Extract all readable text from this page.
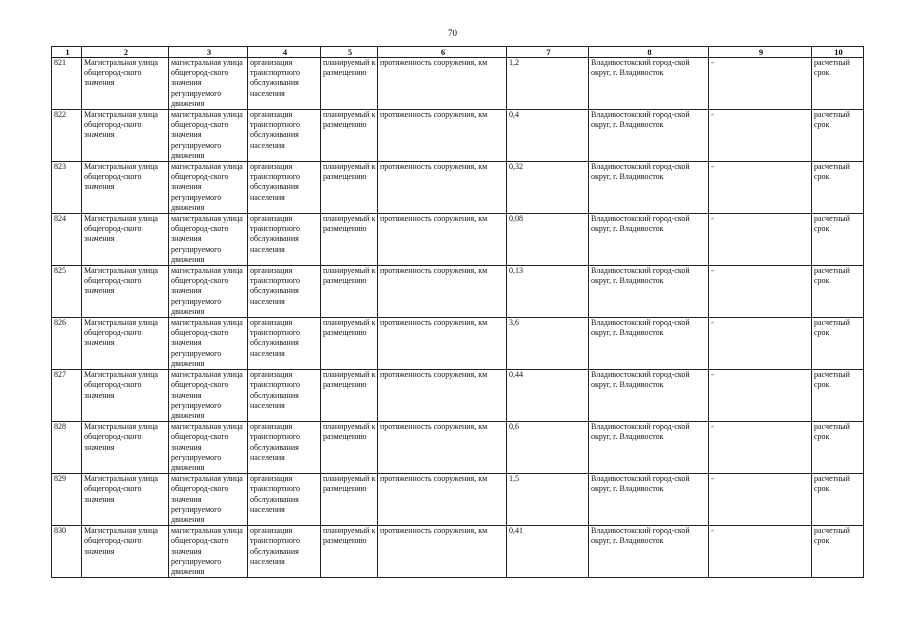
70
1	2	3	4	5	6	7	8	9	10
821	Магистральная улица общегород-ского значения	магистральная улица общегород-ского значения регулируемого движения	организация транспортного обслуживания населения	планируемый к размещению	протяженность сооружения, км	1,2	Владивостокский город-ской округ, г. Владивосток	-	расчетный срок
822	Магистральная улица общегород-ского значения	магистральная улица общегород-ского значения регулируемого движения	организация транспортного обслуживания населения	планируемый к размещению	протяженность сооружения, км	0,4	Владивостокский город-ской округ, г. Владивосток	-	расчетный срок
823	Магистральная улица общегород-ского значения	магистральная улица общегород-ского значения регулируемого движения	организация транспортного обслуживания населения	планируемый к размещению	протяженность сооружения, км	0,32	Владивостокский город-ской округ, г. Владивосток	-	расчетный срок
824	Магистральная улица общегород-ского значения	магистральная улица общегород-ского значения регулируемого движения	организация транспортного обслуживания населения	планируемый к размещению	протяженность сооружения, км	0,08	Владивостокский город-ской округ, г. Владивосток	-	расчетный срок
825	Магистральная улица общегород-ского значения	магистральная улица общегород-ского значения регулируемого движения	организация транспортного обслуживания населения	планируемый к размещению	протяженность сооружения, км	0,13	Владивостокский город-ской округ, г. Владивосток	-	расчетный срок
826	Магистральная улица общегород-ского значения	магистральная улица общегород-ского значения регулируемого движения	организация транспортного обслуживания населения	планируемый к размещению	протяженность сооружения, км	3,6	Владивостокский город-ской округ, г. Владивосток	-	расчетный срок
827	Магистральная улица общегород-ского значения	магистральная улица общегород-ского значения регулируемого движения	организация транспортного обслуживания населения	планируемый к размещению	протяженность сооружения, км	0,44	Владивостокский город-ской округ, г. Владивосток	-	расчетный срок
828	Магистральная улица общегород-ского значения	магистральная улица общегород-ского значения регулируемого движения	организация транспортного обслуживания населения	планируемый к размещению	протяженность сооружения, км	0,6	Владивостокский город-ской округ, г. Владивосток	-	расчетный срок
829	Магистральная улица общегород-ского значения	магистральная улица общегород-ского значения регулируемого движения	организация транспортного обслуживания населения	планируемый к размещению	протяженность сооружения, км	1,5	Владивостокский город-ской округ, г. Владивосток	-	расчетный срок
830	Магистральная улица общегород-ского значения	магистральная улица общегород-ского значения регулируемого движения	организация транспортного обслуживания населения	планируемый к размещению	протяженность сооружения, км	0,41	Владивостокский город-ской округ, г. Владивосток	-	расчетный срок
